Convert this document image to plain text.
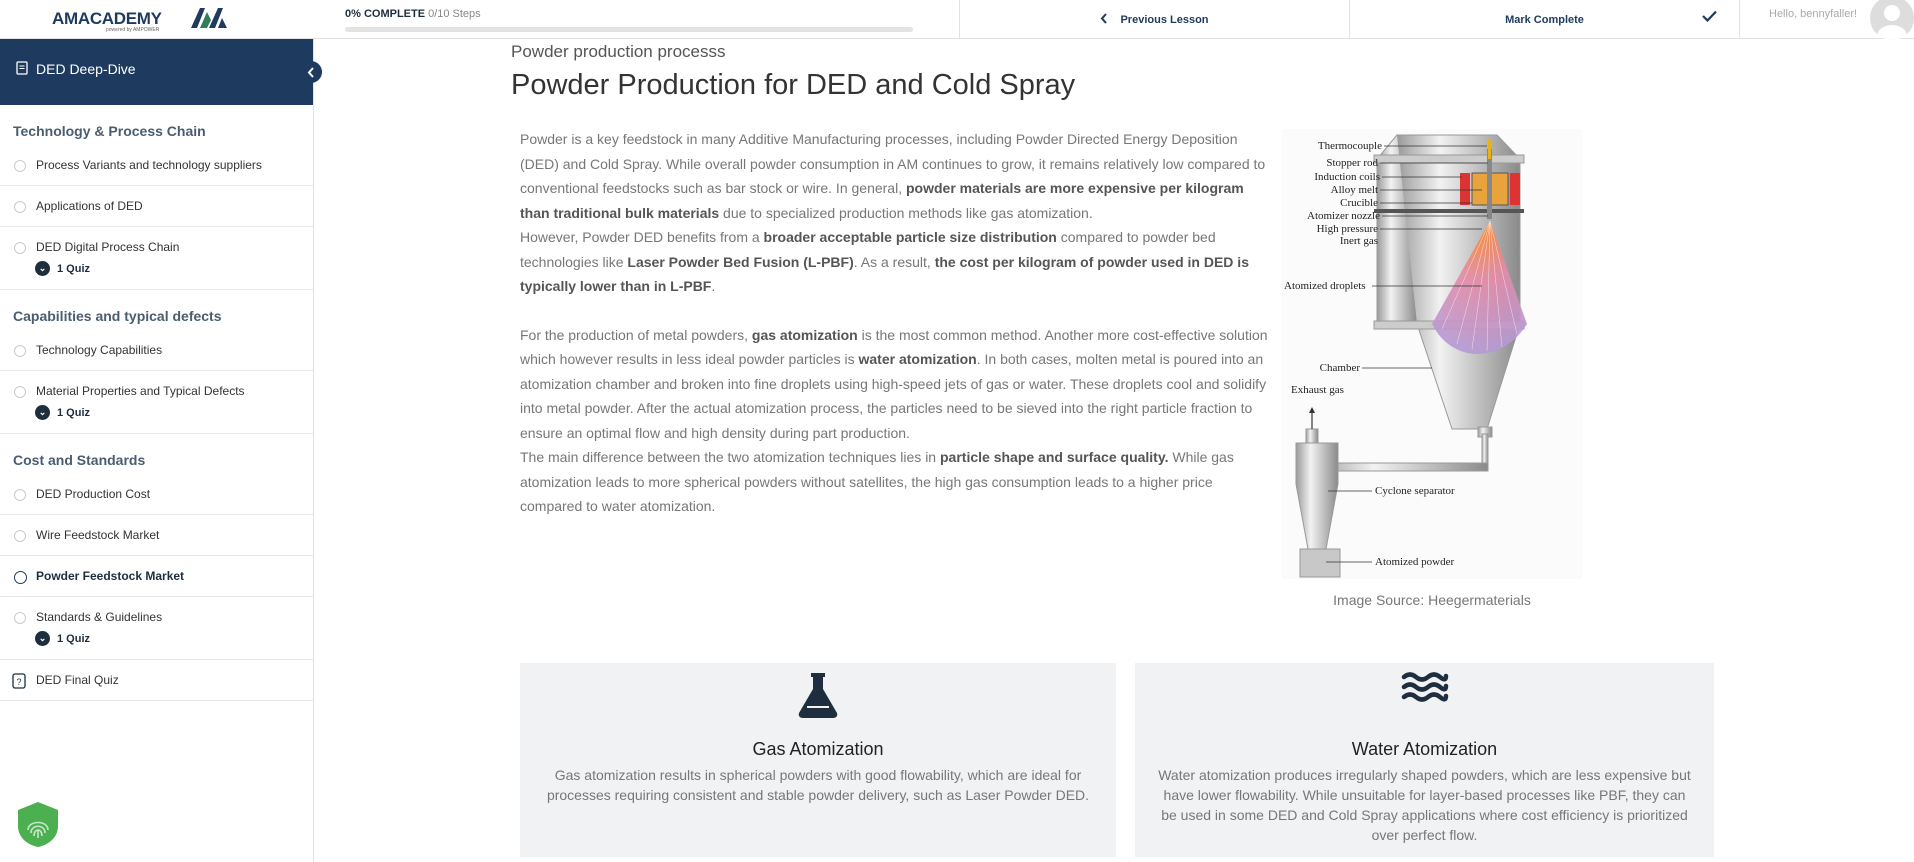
AMACADEMY
powered by AMPOWER
0% COMPLETE 0/10 Steps	Previous Lesson	Mark Complete	Hello, bennyfaller!
DED Deep-Dive
Technology & Process Chain
Process Variants and technology suppliers
Applications of DED
DED Digital Process Chain
⌄ 1 Quiz
Capabilities and typical defects
Technology Capabilities
Material Properties and Typical Defects
⌄ 1 Quiz
Cost and Standards
DED Production Cost
Wire Feedstock Market
Powder Feedstock Market
Standards & Guidelines
⌄ 1 Quiz
? DED Final Quiz
Powder production processs
Powder Production for DED and Cold Spray

Powder is a key feedstock in many Additive Manufacturing processes, including Powder Directed Energy Deposition (DED) and Cold Spray. While overall powder consumption in AM continues to grow, it remains relatively low compared to conventional feedstocks such as bar stock or wire. In general, powder materials are more expensive per kilogram than traditional bulk materials due to specialized production methods like gas atomization.

However, Powder DED benefits from a broader acceptable particle size distribution compared to powder bed technologies like Laser Powder Bed Fusion (L-PBF). As a result, the cost per kilogram of powder used in DED is typically lower than in L-PBF.

For the production of metal powders, gas atomization is the most common method. Another more cost-effective solution which however results in less ideal powder particles is water atomization. In both cases, molten metal is poured into an atomization chamber and broken into fine droplets using high-speed jets of gas or water. These droplets cool and solidify into metal powder. After the actual atomization process, the particles need to be sieved into the right particle fraction to ensure an optimal flow and high density during part production.

The main difference between the two atomization techniques lies in particle shape and surface quality. While gas atomization leads to more spherical powders without satellites, the high gas consumption leads to a higher price compared to water atomization.

Thermocouple
Stopper rod
Induction coils
Alloy melt
Crucible
Atomizer nozzle
High pressure
Inert gas
Atomized droplets
Chamber
Exhaust gas
Cyclone separator
Atomized powder
Image Source: Heegermaterials
Gas Atomization
Gas atomization results in spherical powders with good flowability, which are ideal for processes requiring consistent and stable powder delivery, such as Laser Powder DED.
Water Atomization
Water atomization produces irregularly shaped powders, which are less expensive but have lower flowability. While unsuitable for layer-based processes like PBF, they can be used in some DED and Cold Spray applications where cost efficiency is prioritized over perfect flow.
